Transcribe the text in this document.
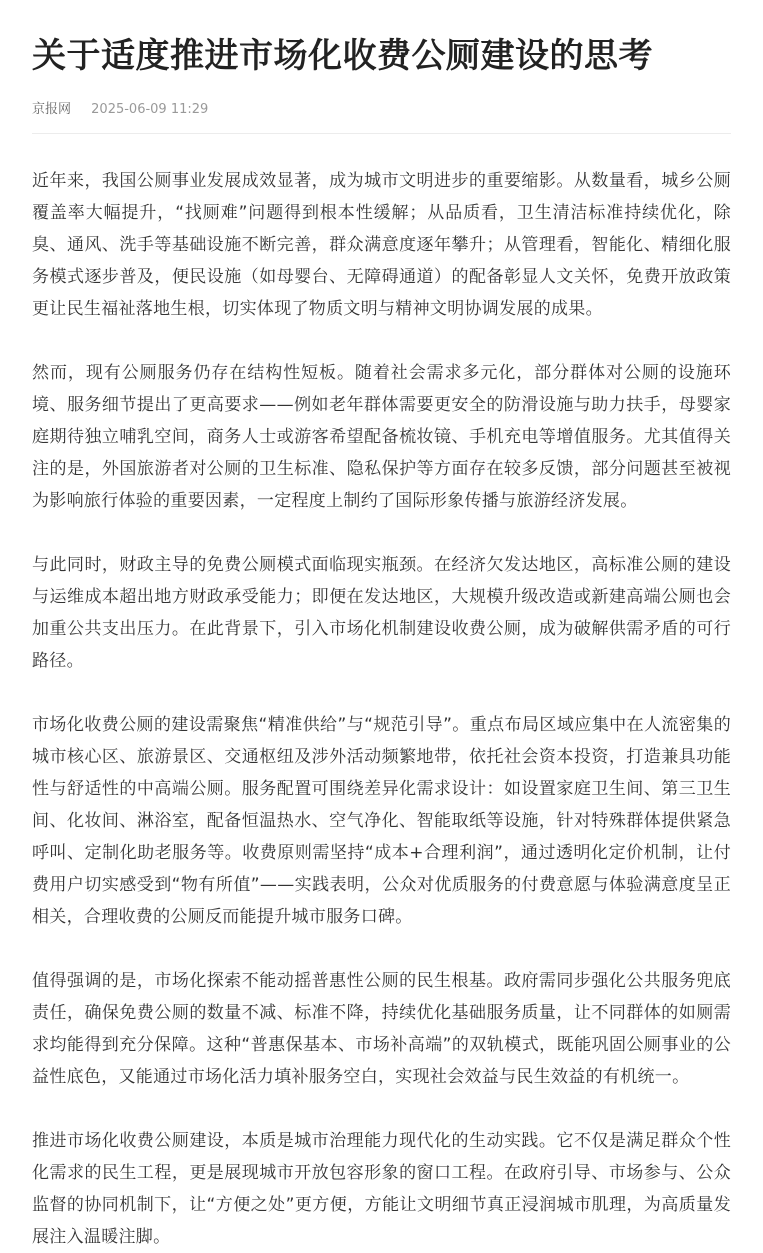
关于适度推进市场化收费公厕建设的思考
京报网 2025-06-09 11:29

近年来，我国公厕事业发展成效显著，成为城市文明进步的重要缩影。从数量看，城乡公厕覆盖率大幅提升，“找厕难”问题得到根本性缓解；从品质看，卫生清洁标准持续优化，除臭、通风、洗手等基础设施不断完善，群众满意度逐年攀升；从管理看，智能化、精细化服务模式逐步普及，便民设施（如母婴台、无障碍通道）的配备彰显人文关怀，免费开放政策更让民生福祉落地生根，切实体现了物质文明与精神文明协调发展的成果。

然而，现有公厕服务仍存在结构性短板。随着社会需求多元化，部分群体对公厕的设施环境、服务细节提出了更高要求——例如老年群体需要更安全的防滑设施与助力扶手，母婴家庭期待独立哺乳空间，商务人士或游客希望配备梳妆镜、手机充电等增值服务。尤其值得关注的是，外国旅游者对公厕的卫生标准、隐私保护等方面存在较多反馈，部分问题甚至被视为影响旅行体验的重要因素，一定程度上制约了国际形象传播与旅游经济发展。

与此同时，财政主导的免费公厕模式面临现实瓶颈。在经济欠发达地区，高标准公厕的建设与运维成本超出地方财政承受能力；即便在发达地区，大规模升级改造或新建高端公厕也会加重公共支出压力。在此背景下，引入市场化机制建设收费公厕，成为破解供需矛盾的可行路径。

市场化收费公厕的建设需聚焦“精准供给”与“规范引导”。重点布局区域应集中在人流密集的城市核心区、旅游景区、交通枢纽及涉外活动频繁地带，依托社会资本投资，打造兼具功能性与舒适性的中高端公厕。服务配置可围绕差异化需求设计：如设置家庭卫生间、第三卫生间、化妆间、淋浴室，配备恒温热水、空气净化、智能取纸等设施，针对特殊群体提供紧急呼叫、定制化助老服务等。收费原则需坚持“成本+合理利润”，通过透明化定价机制，让付费用户切实感受到“物有所值”——实践表明，公众对优质服务的付费意愿与体验满意度呈正相关，合理收费的公厕反而能提升城市服务口碑。

值得强调的是，市场化探索不能动摇普惠性公厕的民生根基。政府需同步强化公共服务兜底责任，确保免费公厕的数量不减、标准不降，持续优化基础服务质量，让不同群体的如厕需求均能得到充分保障。这种“普惠保基本、市场补高端”的双轨模式，既能巩固公厕事业的公益性底色，又能通过市场化活力填补服务空白，实现社会效益与民生效益的有机统一。

推进市场化收费公厕建设，本质是城市治理能力现代化的生动实践。它不仅是满足群众个性化需求的民生工程，更是展现城市开放包容形象的窗口工程。在政府引导、市场参与、公众监督的协同机制下，让“方便之处”更方便，方能让文明细节真正浸润城市肌理，为高质量发展注入温暖注脚。
